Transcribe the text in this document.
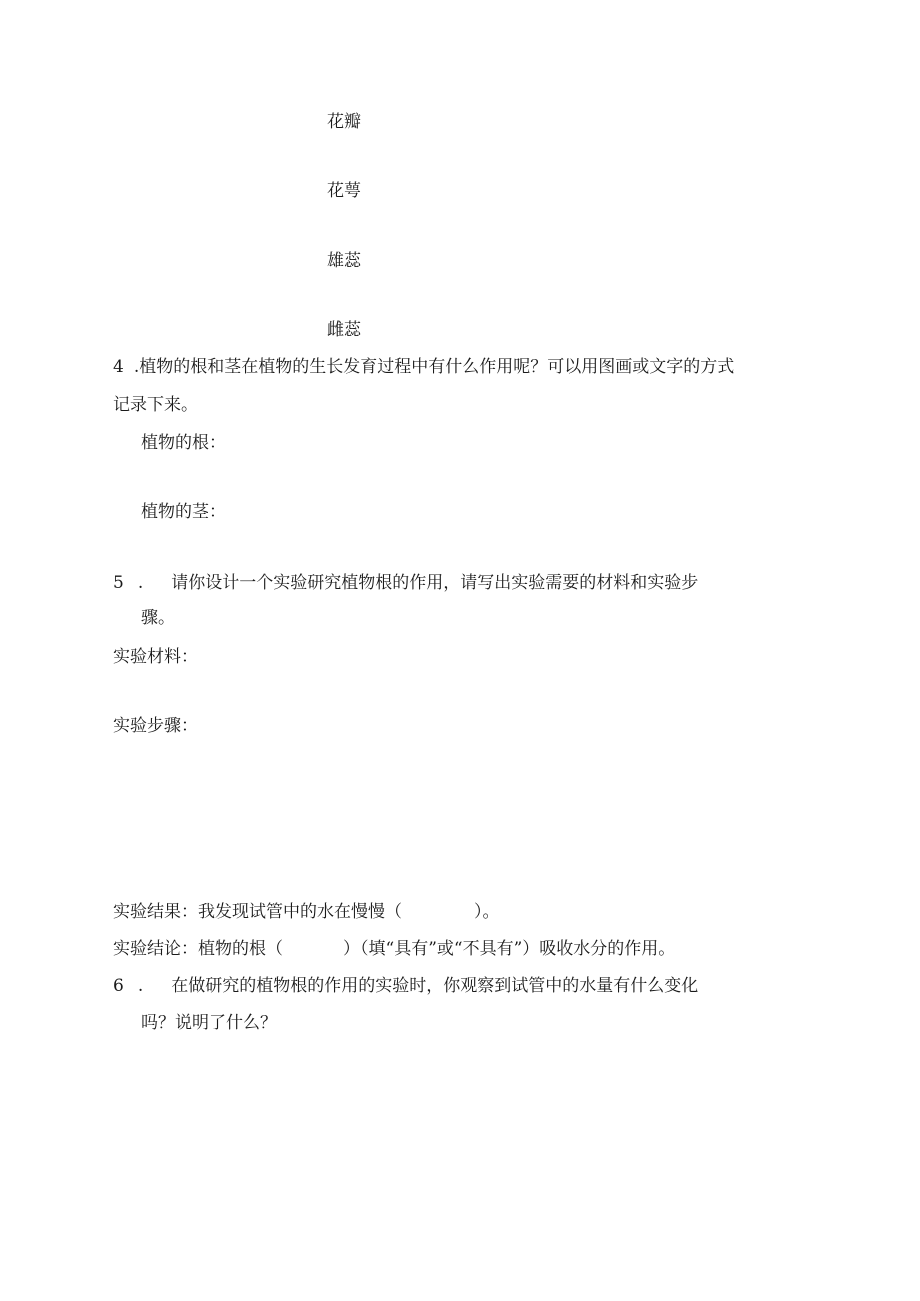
花瓣
花萼
雄蕊
雌蕊
4 .植物的根和茎在植物的生长发育过程中有什么作用呢？可以用图画或文字的方式
记录下来。
植物的根：
植物的茎：
5 . 请你设计一个实验研究植物根的作用，请写出实验需要的材料和实验步
骤。
实验材料：
实验步骤：
实验结果：我发现试管中的水在慢慢（	）。
实验结论：植物的根（	）（填“具有”或“不具有”）吸收水分的作用。
6 . 在做研究的植物根的作用的实验时，你观察到试管中的水量有什么变化
吗？说明了什么？
